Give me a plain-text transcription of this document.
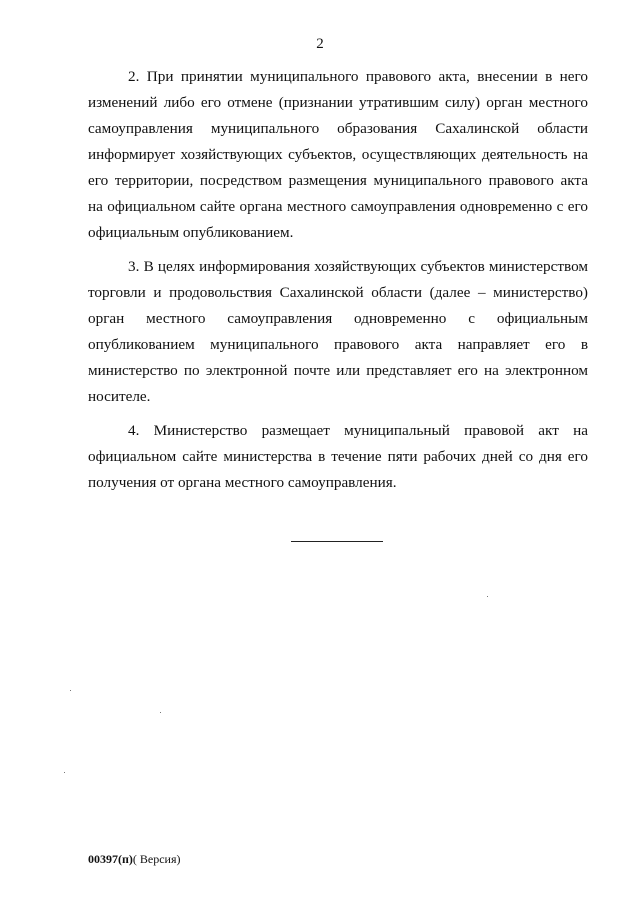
2

2. При принятии муниципального правового акта, внесении в него изменений либо его отмене (признании утратившим силу) орган местного самоуправления муниципального образования Сахалинской области информирует хозяйствующих субъектов, осуществляющих деятельность на его территории, посредством размещения муниципального правового акта на официальном сайте органа местного самоуправления одновременно с его официальным опубликованием.

3. В целях информирования хозяйствующих субъектов министерством торговли и продовольствия Сахалинской области (далее – министерство) орган местного самоуправления одновременно с официальным опубликованием муниципального правового акта направляет его в министерство по электронной почте или представляет его на электронном носителе.

4. Министерство размещает муниципальный правовой акт на официальном сайте министерства в течение пяти рабочих дней со дня его получения от органа местного самоуправления.

00397(п)( Версия)
